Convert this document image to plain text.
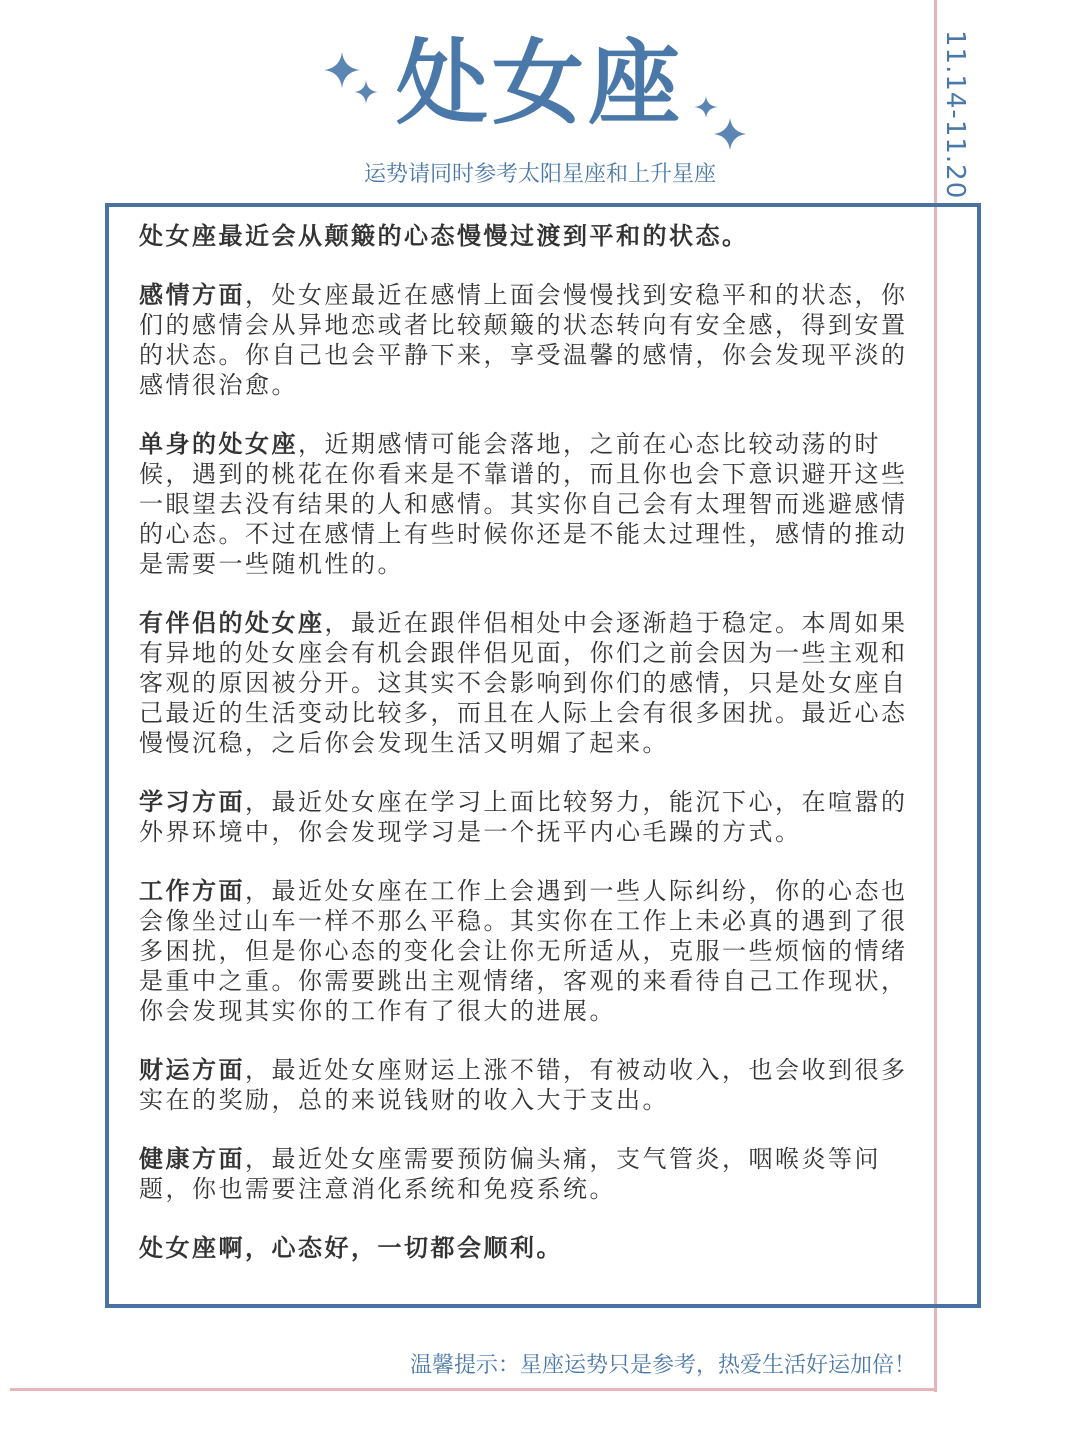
处女座
运势请同时参考太阳星座和上升星座	11.14-11.20

处女座最近会从颠簸的心态慢慢过渡到平和的状态。

感情方面，处女座最近在感情上面会慢慢找到安稳平和的状态，你们的感情会从异地恋或者比较颠簸的状态转向有安全感，得到安置的状态。你自己也会平静下来，享受温馨的感情，你会发现平淡的感情很治愈。

单身的处女座，近期感情可能会落地，之前在心态比较动荡的时候，遇到的桃花在你看来是不靠谱的，而且你也会下意识避开这些一眼望去没有结果的人和感情。其实你自己会有太理智而逃避感情的心态。不过在感情上有些时候你还是不能太过理性，感情的推动是需要一些随机性的。

有伴侣的处女座，最近在跟伴侣相处中会逐渐趋于稳定。本周如果有异地的处女座会有机会跟伴侣见面，你们之前会因为一些主观和客观的原因被分开。这其实不会影响到你们的感情，只是处女座自己最近的生活变动比较多，而且在人际上会有很多困扰。最近心态慢慢沉稳，之后你会发现生活又明媚了起来。

学习方面，最近处女座在学习上面比较努力，能沉下心，在喧嚣的外界环境中，你会发现学习是一个抚平内心毛躁的方式。

工作方面，最近处女座在工作上会遇到一些人际纠纷，你的心态也会像坐过山车一样不那么平稳。其实你在工作上未必真的遇到了很多困扰，但是你心态的变化会让你无所适从，克服一些烦恼的情绪是重中之重。你需要跳出主观情绪，客观的来看待自己工作现状，你会发现其实你的工作有了很大的进展。

财运方面，最近处女座财运上涨不错，有被动收入，也会收到很多实在的奖励，总的来说钱财的收入大于支出。

健康方面，最近处女座需要预防偏头痛，支气管炎，咽喉炎等问题，你也需要注意消化系统和免疫系统。

处女座啊，心态好，一切都会顺利。

温馨提示：星座运势只是参考，热爱生活好运加倍！
